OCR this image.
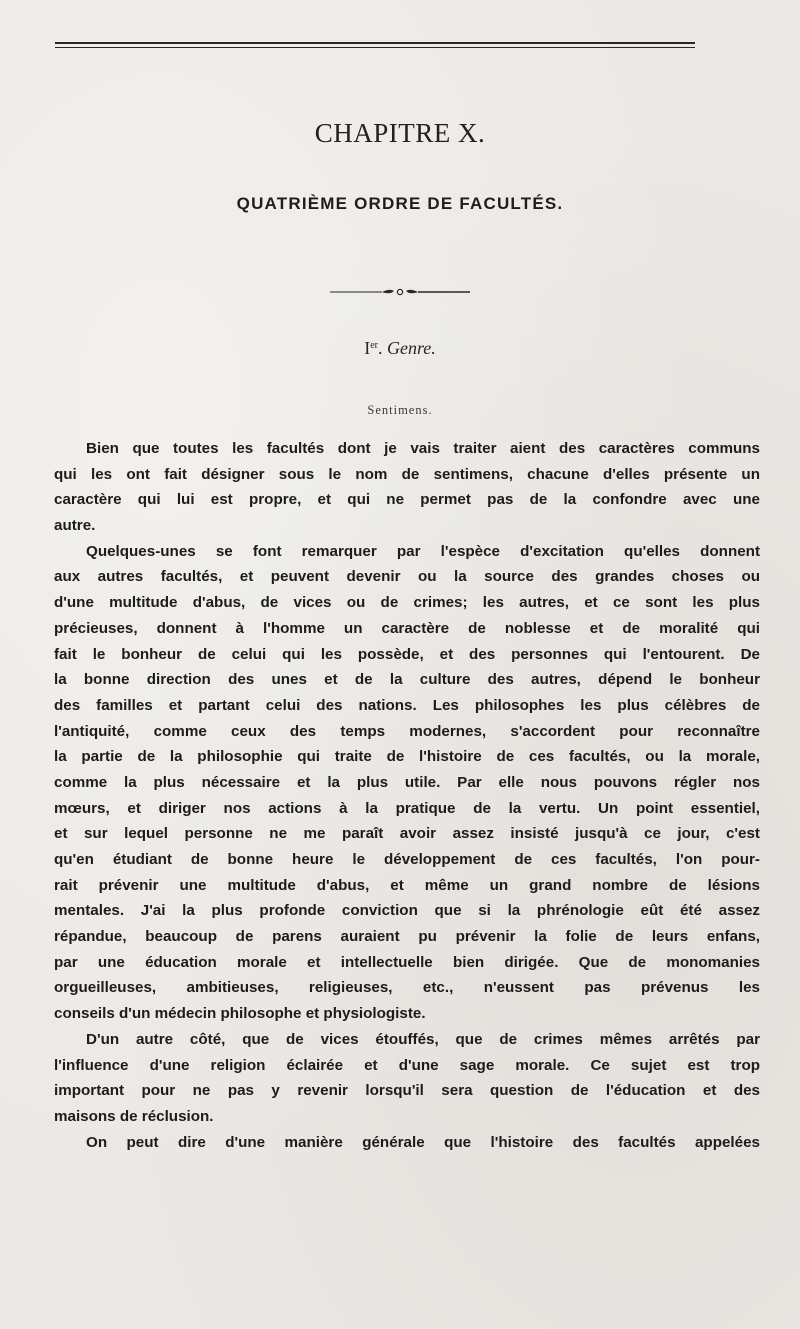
CHAPITRE X.
QUATRIÈME ORDRE DE FACULTÉS.
Ier. Genre.
Sentimens.
Bien que toutes les facultés dont je vais traiter aient des caractères communs
qui les ont fait désigner sous le nom de sentimens, chacune d'elles présente un
caractère qui lui est propre, et qui ne permet pas de la confondre avec une
autre.
Quelques-unes se font remarquer par l'espèce d'excitation qu'elles donnent
aux autres facultés, et peuvent devenir ou la source des grandes choses ou
d'une multitude d'abus, de vices ou de crimes; les autres, et ce sont les plus
précieuses, donnent à l'homme un caractère de noblesse et de moralité qui
fait le bonheur de celui qui les possède, et des personnes qui l'entourent. De
la bonne direction des unes et de la culture des autres, dépend le bonheur
des familles et partant celui des nations. Les philosophes les plus célèbres de
l'antiquité, comme ceux des temps modernes, s'accordent pour reconnaître
la partie de la philosophie qui traite de l'histoire de ces facultés, ou la morale,
comme la plus nécessaire et la plus utile. Par elle nous pouvons régler nos
mœurs, et diriger nos actions à la pratique de la vertu. Un point essentiel,
et sur lequel personne ne me paraît avoir assez insisté jusqu'à ce jour, c'est
qu'en étudiant de bonne heure le développement de ces facultés, l'on pour-
rait prévenir une multitude d'abus, et même un grand nombre de lésions
mentales. J'ai la plus profonde conviction que si la phrénologie eût été assez
répandue, beaucoup de parens auraient pu prévenir la folie de leurs enfans,
par une éducation morale et intellectuelle bien dirigée. Que de monomanies
orgueilleuses, ambitieuses, religieuses, etc., n'eussent pas prévenus les
conseils d'un médecin philosophe et physiologiste.
D'un autre côté, que de vices étouffés, que de crimes mêmes arrêtés par
l'influence d'une religion éclairée et d'une sage morale. Ce sujet est trop
important pour ne pas y revenir lorsqu'il sera question de l'éducation et des
maisons de réclusion.
On peut dire d'une manière générale que l'histoire des facultés appelées
